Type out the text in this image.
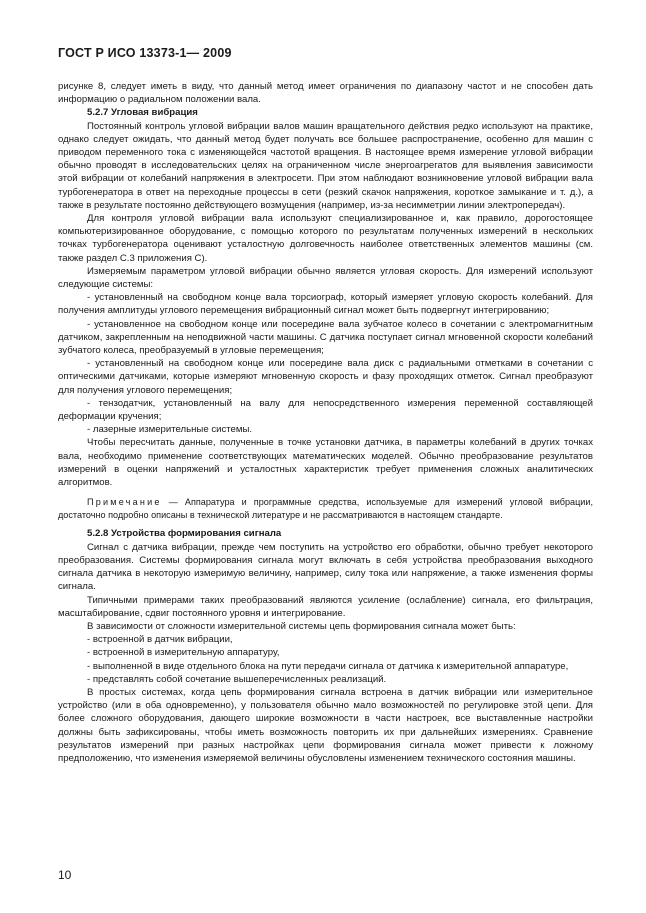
ГОСТ Р ИСО 13373-1— 2009

рисунке 8, следует иметь в виду, что данный метод имеет ограничения по диапазону частот и не способен дать информацию о радиальном положении вала.

5.2.7 Угловая вибрация

Постоянный контроль угловой вибрации валов машин вращательного действия редко используют на практике, однако следует ожидать, что данный метод будет получать все большее распространение, особенно для машин с приводом переменного тока с изменяющейся частотой вращения. В настоящее время измерение угловой вибрации обычно проводят в исследовательских целях на ограниченном числе энергоагрегатов для выявления зависимости этой вибрации от колебаний напряжения в электросети. При этом наблюдают возникновение угловой вибрации вала турбогенератора в ответ на переходные процессы в сети (резкий скачок напряжения, короткое замыкание и т. д.), а также в результате постоянно действующего возмущения (например, из-за несимметрии линии электропередач).

Для контроля угловой вибрации вала используют специализированное и, как правило, дорогостоящее компьютеризированное оборудование, с помощью которого по результатам полученных измерений в нескольких точках турбогенератора оценивают усталостную долговечность наиболее ответственных элементов машины (см. также раздел С.3 приложения С).

Измеряемым параметром угловой вибрации обычно является угловая скорость. Для измерений используют следующие системы:

- установленный на свободном конце вала торсиограф, который измеряет угловую скорость колебаний. Для получения амплитуды углового перемещения вибрационный сигнал может быть подвергнут интегрированию;

- установленное на свободном конце или посередине вала зубчатое колесо в сочетании с электромагнитным датчиком, закрепленным на неподвижной части машины. С датчика поступает сигнал мгновенной скорости колебаний зубчатого колеса, преобразуемый в угловые перемещения;

- установленный на свободном конце или посередине вала диск с радиальными отметками в сочетании с оптическими датчиками, которые измеряют мгновенную скорость и фазу проходящих отметок. Сигнал преобразуют для получения углового перемещения;

- тензодатчик, установленный на валу для непосредственного измерения переменной составляющей деформации кручения;

- лазерные измерительные системы.

Чтобы пересчитать данные, полученные в точке установки датчика, в параметры колебаний в других точках вала, необходимо применение соответствующих математических моделей. Обычно преобразование результатов измерений в оценки напряжений и усталостных характеристик требует применения сложных аналитических алгоритмов.

Примечание — Аппаратура и программные средства, используемые для измерений угловой вибрации, достаточно подробно описаны в технической литературе и не рассматриваются в настоящем стандарте.

5.2.8 Устройства формирования сигнала

Сигнал с датчика вибрации, прежде чем поступить на устройство его обработки, обычно требует некоторого преобразования. Системы формирования сигнала могут включать в себя устройства преобразования выходного сигнала датчика в некоторую измеримую величину, например, силу тока или напряжение, а также изменения формы сигнала.

Типичными примерами таких преобразований являются усиление (ослабление) сигнала, его фильтрация, масштабирование, сдвиг постоянного уровня и интегрирование.

В зависимости от сложности измерительной системы цепь формирования сигнала может быть:

- встроенной в датчик вибрации,

- встроенной в измерительную аппаратуру,

- выполненной в виде отдельного блока на пути передачи сигнала от датчика к измерительной аппаратуре,

- представлять собой сочетание вышеперечисленных реализаций.

В простых системах, когда цепь формирования сигнала встроена в датчик вибрации или измерительное устройство (или в оба одновременно), у пользователя обычно мало возможностей по регулировке этой цепи. Для более сложного оборудования, дающего широкие возможности в части настроек, все выставленные настройки должны быть зафиксированы, чтобы иметь возможность повторить их при дальнейших измерениях. Сравнение результатов измерений при разных настройках цепи формирования сигнала может привести к ложному предположению, что изменения измеряемой величины обусловлены изменением технического состояния машины.

10
